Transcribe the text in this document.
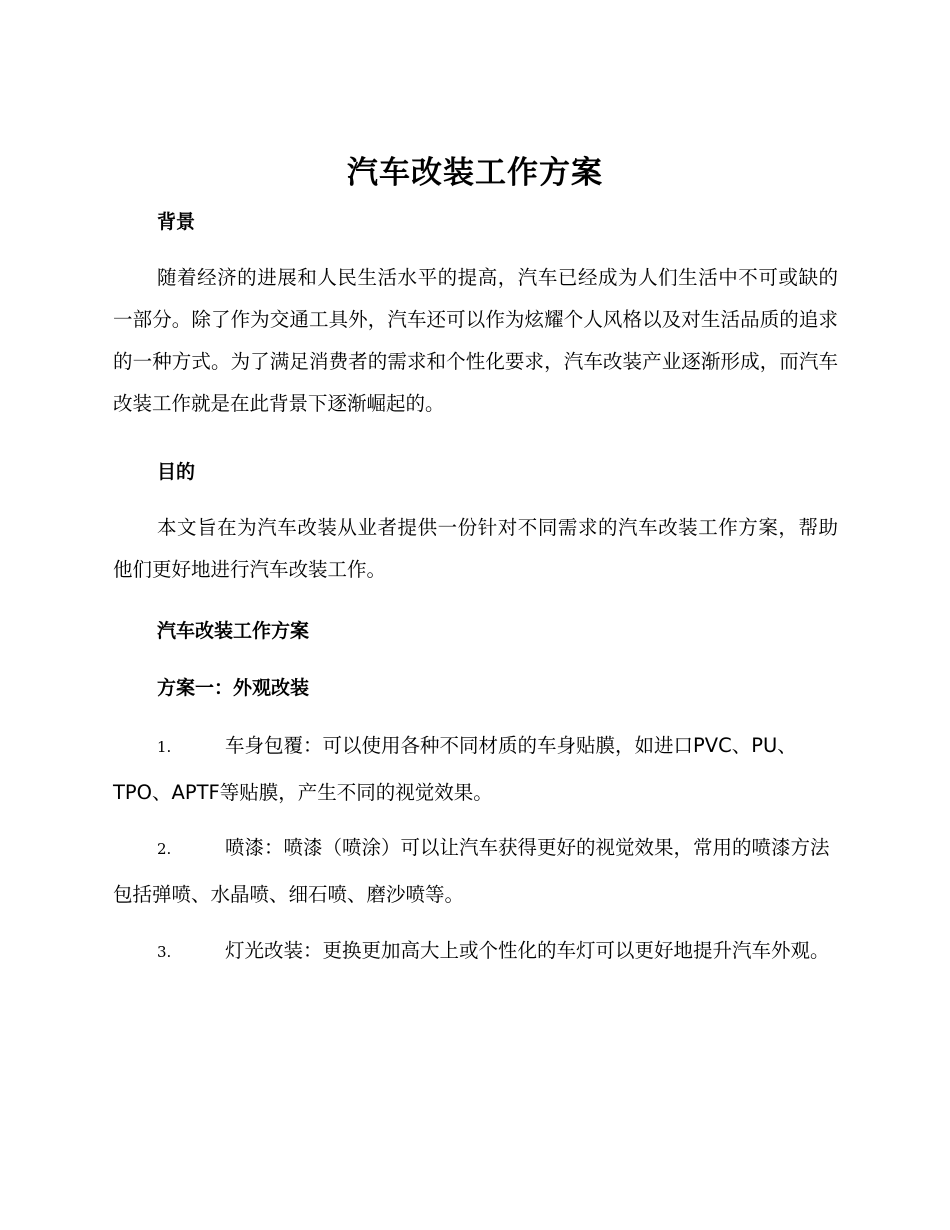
汽车改装工作方案
背景
随着经济的进展和人民生活水平的提高，汽车已经成为人们生活中不可或缺的一部分。除了作为交通工具外，汽车还可以作为炫耀个人风格以及对生活品质的追求的一种方式。为了满足消费者的需求和个性化要求，汽车改装产业逐渐形成，而汽车改装工作就是在此背景下逐渐崛起的。
目的
本文旨在为汽车改装从业者提供一份针对不同需求的汽车改装工作方案，帮助他们更好地进行汽车改装工作。
汽车改装工作方案
方案一：外观改装
1.	车身包覆：可以使用各种不同材质的车身贴膜，如进口PVC、PU、TPO、APTF等贴膜，产生不同的视觉效果。
2.	喷漆：喷漆（喷涂）可以让汽车获得更好的视觉效果，常用的喷漆方法包括弹喷、水晶喷、细石喷、磨沙喷等。
3.	灯光改装：更换更加高大上或个性化的车灯可以更好地提升汽车外观。
